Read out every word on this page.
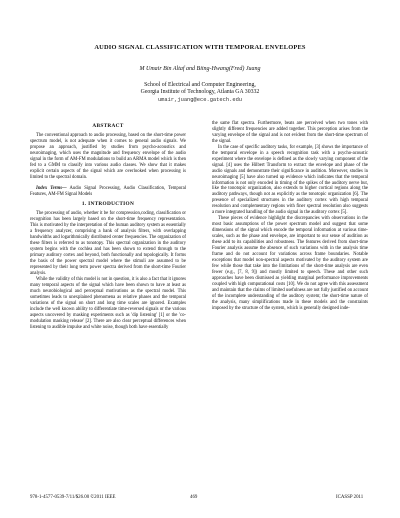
AUDIO SIGNAL CLASSIFICATION WITH TEMPORAL ENVELOPES
M Umair Bin Altaf and Biing-Hwang(Fred) Juang
School of Electrical and Computer Engineering,
Georgia Institute of Technology, Atlanta GA 30332
umair,juang@ece.gatech.edu
ABSTRACT

The conventional approach to audio processing, based on the short-time power spectrum model, is not adequate when it comes to general audio signals. We propose an approach, justified by studies from psycho-acoustics and neuroimaging, which uses the magnitude and frequency envelope of the audio signal in the form of AM-FM modulations to build an ARMA model which is then fed to a GMM to classify into various audio classes. We show that it makes explicit certain aspects of the signal which are overlooked when processing is limited to the spectral domain.

Index Terms— Audio Signal Processing, Audio Classification, Temporal Features, AM-FM Signal Models

1. INTRODUCTION

The processing of audio, whether it be for compression,coding, classification or recognition has been largely based on the short-time frequency representation. This is motivated by the interpretation of the human auditory system as essentially a frequency analyzer, comprising a bank of analysis filters, with overlapping bandwidths and logarithmically distributed center frequencies. The organization of these filters is referred to as tonotopy. This spectral organization in the auditory system begins with the cochlea and has been shown to extend through to the primary auditory cortex and beyond, both functionally and topologically. It forms the basis of the power spectral model where the stimuli are assumed to be represented by their long term power spectra derived from the short-time Fourier analysis.

While the validity of this model is not in question, it is also a fact that it ignores many temporal aspects of the signal which have been shown to have at least as much neurobiological and perceptual motivations as the spectral model. This sometimes leads to unexplained phenomena as relative phases and the temporal variations of the signal on short and long time scales are ignored. Examples include the well known ability to differentiate time-reversed signals or the various aspects uncovered by masking experiments such as 'dip listening' [1] or the 'co-modulation masking release' [2]. There are also clear perceptual differences when listening to audible impulse and white noise, though both have essentially

the same flat spectra. Furthermore, beats are perceived when two tones with slightly different frequencies are added together. This perception arises from the varying envelope of the signal and is not evident from the short-time spectrum of the signal.

In the case of specific auditory tasks, for example, [3] shows the importance of the temporal envelope in a speech recognition task with a psycho-acoustic experiment where the envelope is defined as the slowly varying component of the signal. [4] uses the Hilbert Transform to extract the envelope and phase of the audio signals and demonstrate their significance in audition. Moreover, studies in neuroimaging [5] have also turned up evidence which indicates that the temporal information is not only encoded in timing of the spikes of the auditory nerve but, like the tonotopic organization, also extends to higher cortical regions along the auditory pathways, though not as explicitly as the tonotopic organization [6]. The presence of specialized structures in the auditory cortex with high temporal resolution and complementary regions with finer spectral resolution also suggests a more integrated handling of the audio signal in the auditory cortex [5].

These pieces of evidence highlight the discrepancies with observations in the most basic assumptions of the power spectrum model and suggest that some dimensions of the signal which encode the temporal information at various time-scales, such as the phase and envelope, are important to our sense of audition as these add to its capabilities and robustness. The features derived from short-time Fourier analysis assume the absence of such variations with in the analysis time frame and do not account for variations across frame boundaries. Notable exceptions that model non-spectral aspects motivated by the auditory system are few while those that take into the limitations of the short-time analysis are even fewer (e.g., [7, 8, 9]) and mostly limited to speech. These and other such approaches have been dismissed as yielding marginal performance improvements coupled with high computational costs [10]. We do not agree with this assessment and maintain that the claims of limited usefulness are not fully justified on account of the incomplete understanding of the auditory system; the short-time nature of the analysis, many simplifications made in these models and the constraints imposed by the structure of the system, which is generally designed inde-

978-1-4577-0539-7/11/$26.00 ©2011 IEEE	469	ICASSP 2011
